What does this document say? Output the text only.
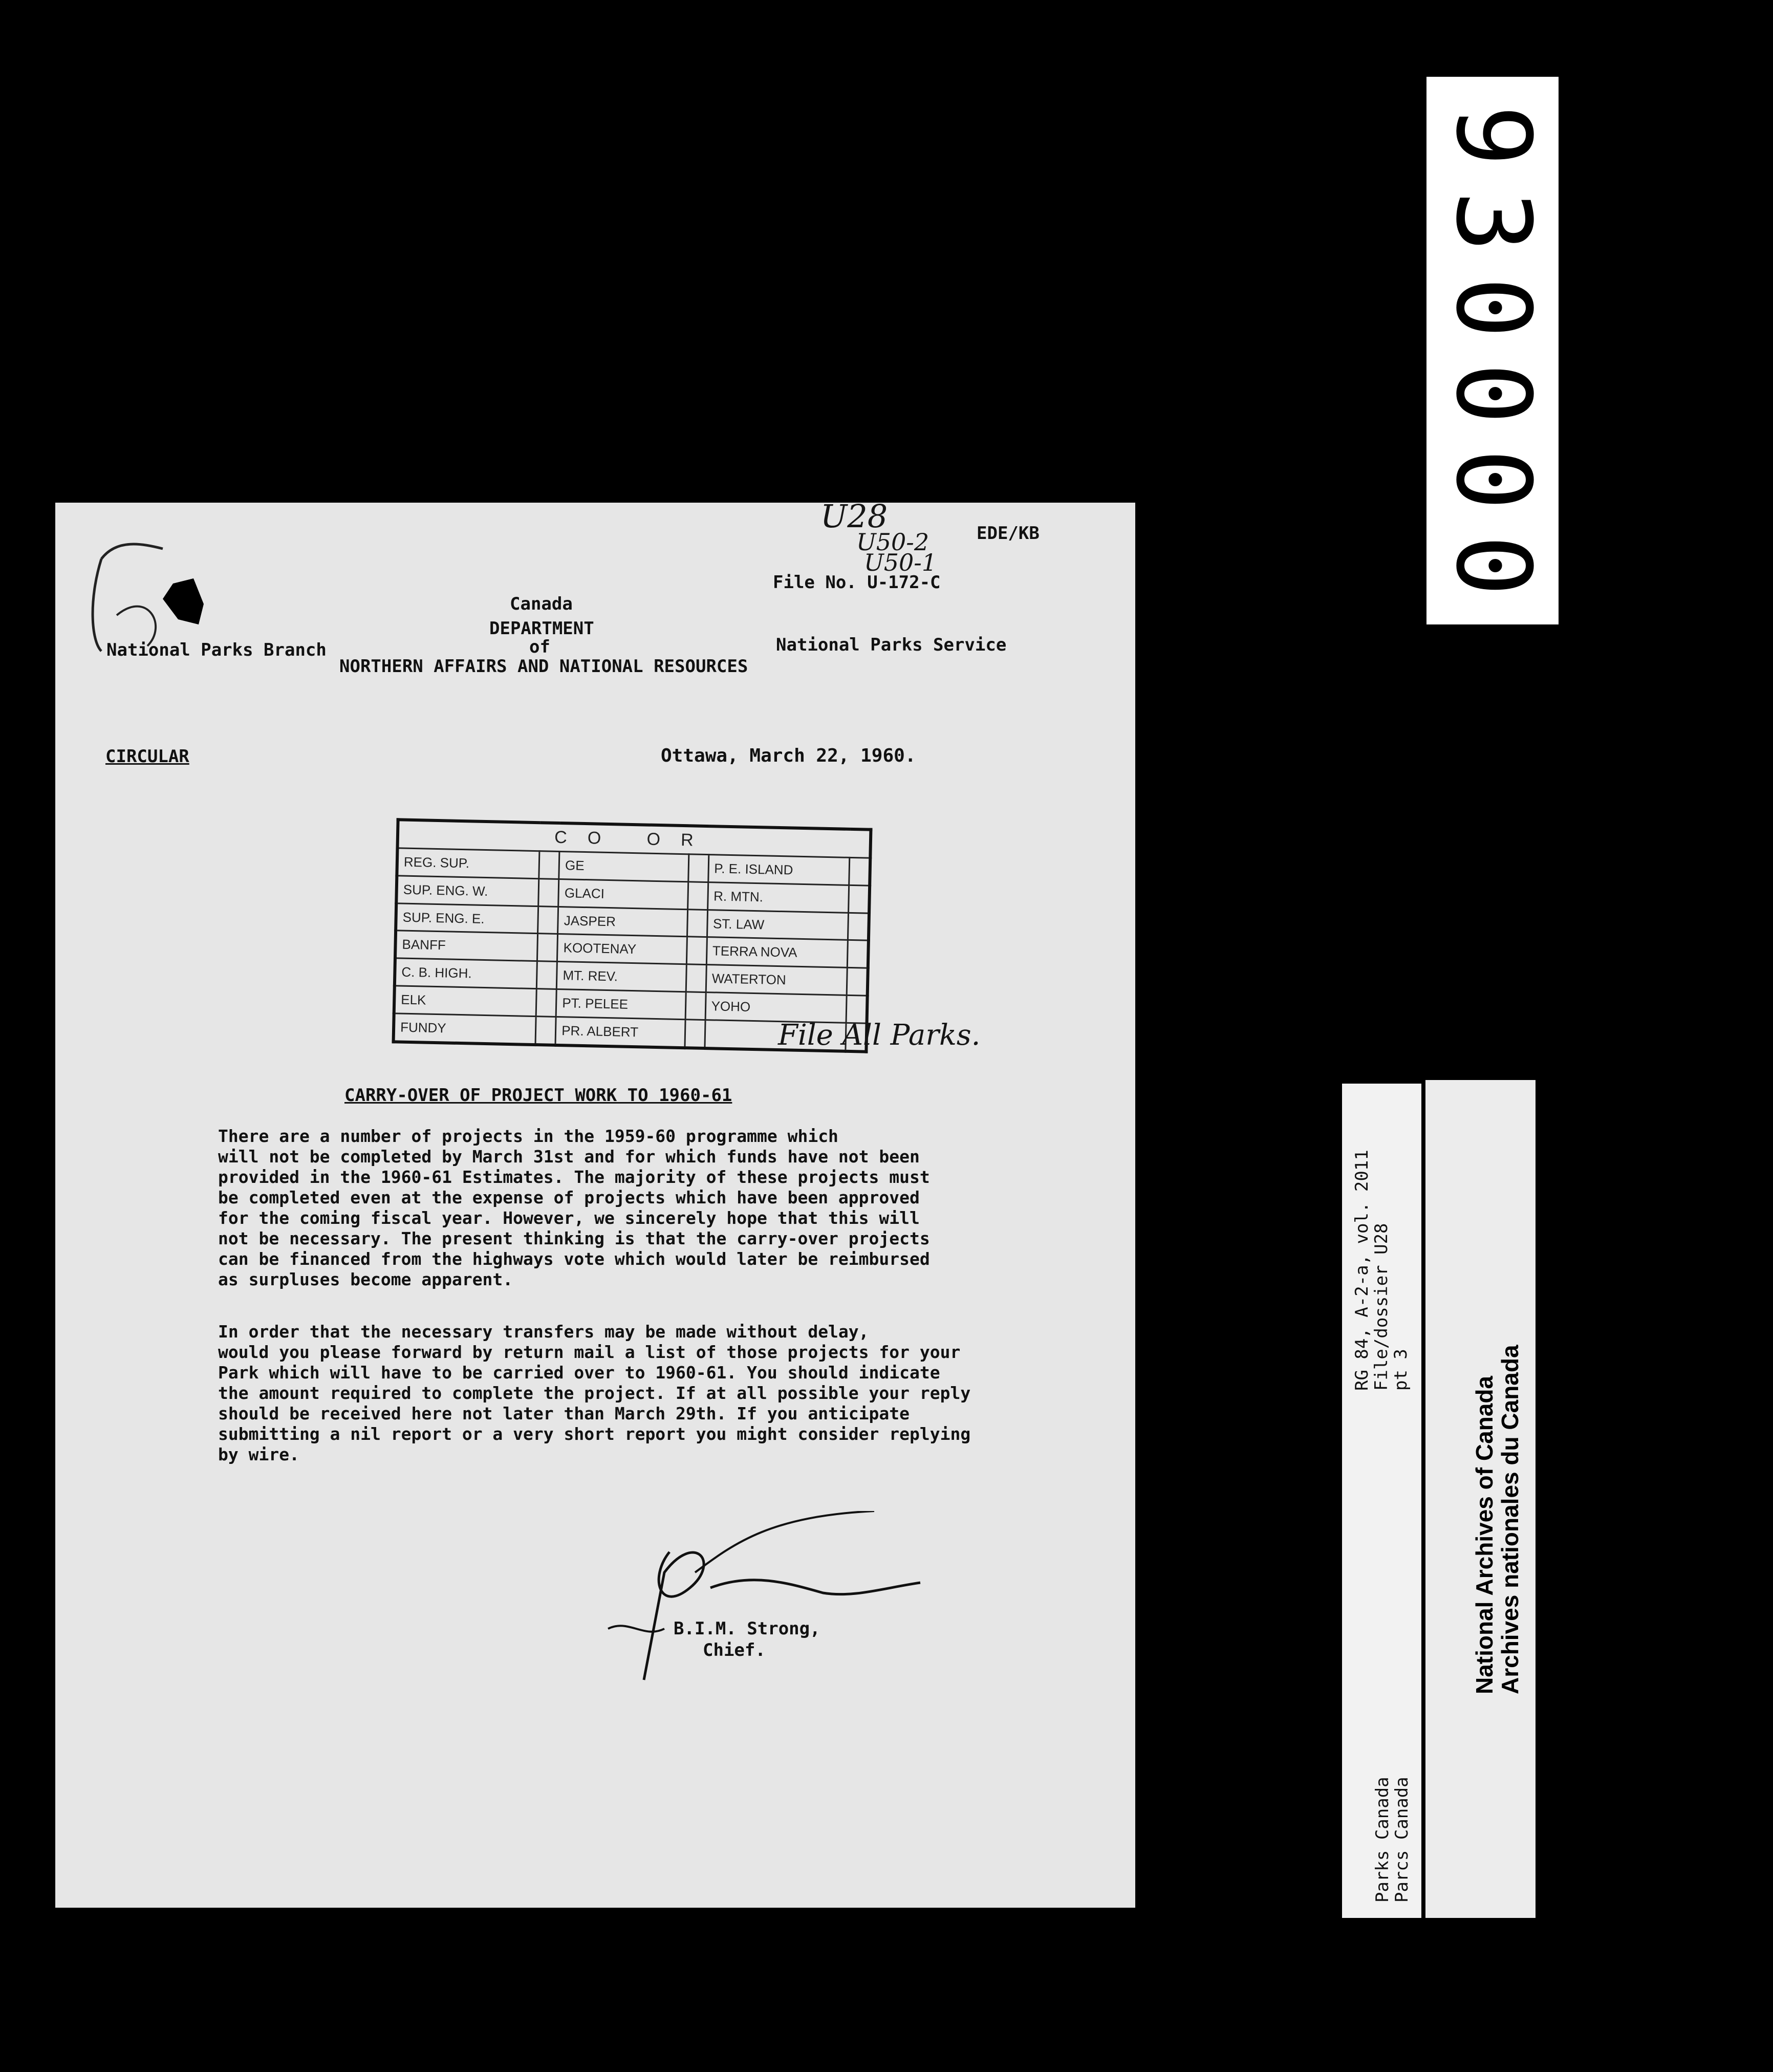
9
3
0
0
0
0
U28
U50-2
U50-1
EDE/KB
File No. U-172-C
Canada
DEPARTMENT
of
NORTHERN AFFAIRS AND NATIONAL RESOURCES
National Parks Branch	National Parks Service
CIRCULAR	Ottawa, March 22, 1960.
CARRY-OVER OF PROJECT WORK TO 1960-61
There are a number of projects in the 1959-60 programme which
will not be completed by March 31st and for which funds have not been
provided in the 1960-61 Estimates. The majority of these projects must
be completed even at the expense of projects which have been approved
for the coming fiscal year. However, we sincerely hope that this will
not be necessary. The present thinking is that the carry-over projects
can be financed from the highways vote which would later be reimbursed
as surpluses become apparent.
In order that the necessary transfers may be made without delay,
would you please forward by return mail a list of those projects for your
Park which will have to be carried over to 1960-61. You should indicate
the amount required to complete the project. If at all possible your reply
should be received here not later than March 29th. If you anticipate
submitting a nil report or a very short report you might consider replying
by wire.
B.I.M. Strong,
Chief.
CO OR					
REG. SUP.		GE		P. E. ISLAND	
SUP. ENG. W.		GLACI		R. MTN.	
SUP. ENG. E.		JASPER		ST. LAW	
BANFF		KOOTENAY		TERRA NOVA	
C. B. HIGH.		MT. REV.		WATERTON	
ELK		PT. PELEE		YOHO	
FUNDY		PR. ALBERT				File All Parks.
RG 84, A-2-a, vol. 2011
File/dossier U28
pt 3
Parks Canada
Parcs Canada
National Archives of Canada
Archives nationales du Canada
